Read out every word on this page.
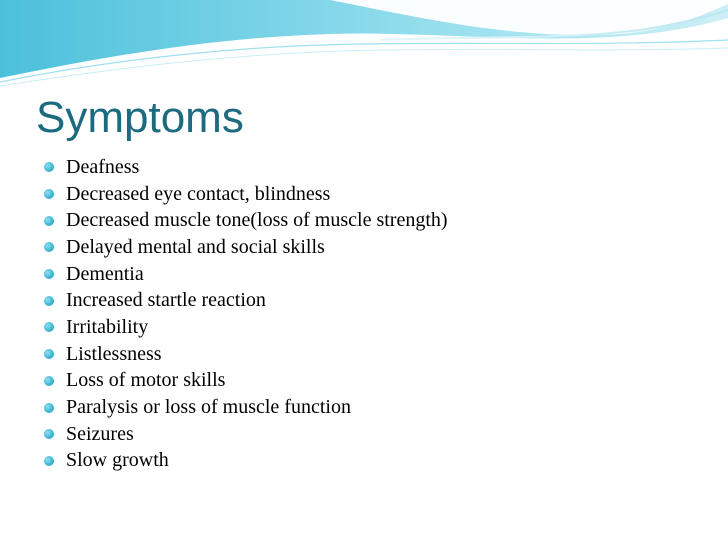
Symptoms
Deafness
Decreased eye contact, blindness
Decreased muscle tone(loss of muscle strength)
Delayed mental and social skills
Dementia
Increased startle reaction
Irritability
Listlessness
Loss of motor skills
Paralysis or loss of muscle function
Seizures
Slow growth
